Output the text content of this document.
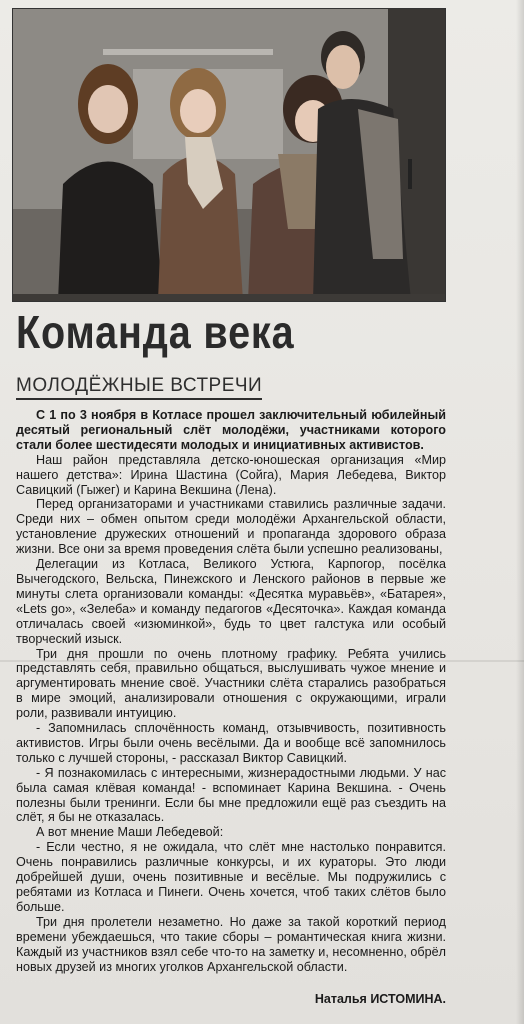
Команда века
МОЛОДЁЖНЫЕ ВСТРЕЧИ

С 1 по 3 ноября в Котласе прошел заключительный юбилейный десятый региональный слёт молодёжи, участниками которого стали более шестидесяти молодых и инициативных активистов.

Наш район представляла детско-юношеская организация «Мир нашего детства»: Ирина Шастина (Сойга), Мария Лебедева, Виктор Савицкий (Гыжег) и Карина Векшина (Лена).

Перед организаторами и участниками ставились различные задачи. Среди них – обмен опытом среди молодёжи Архангельской области, установление дружеских отношений и пропаганда здорового образа жизни. Все они за время проведения слёта были успешно реализованы,

Делегации из Котласа, Великого Устюга, Карпогор, посёлка Вычегодского, Вельска, Пинежского и Ленского районов в первые же минуты слета организовали команды: «Десятка муравьёв», «Батарея», «Lets go», «Зелеба» и команду педагогов «Десяточка». Каждая команда отличалась своей «изюминкой», будь то цвет галстука или особый творческий изыск.

Три дня прошли по очень плотному графику. Ребята учились представлять себя, правильно общаться, выслушивать чужое мнение и аргументировать мнение своё. Участники слёта старались разобраться в мире эмоций, анализировали отношения с окружающими, играли роли, развивали интуицию.

- Запомнилась сплочённость команд, отзывчивость, позитивность активистов. Игры были очень весёлыми. Да и вообще всё запомнилось только с лучшей стороны, - рассказал Виктор Савицкий.

- Я познакомилась с интересными, жизнерадостными людьми. У нас была самая клёвая команда! - вспоминает Карина Векшина. - Очень полезны были тренинги. Если бы мне предложили ещё раз съездить на слёт, я бы не отказалась.

А вот мнение Маши Лебедевой:

- Если честно, я не ожидала, что слёт мне настолько понравится. Очень понравились различные конкурсы, и их кураторы. Это люди добрейшей души, очень позитивные и весёлые. Мы подружились с ребятами из Котласа и Пинеги. Очень хочется, чтоб таких слётов было больше.

Три дня пролетели незаметно. Но даже за такой короткий период времени убеждаешься, что такие сборы – романтическая книга жизни. Каждый из участников взял себе что-то на заметку и, несомненно, обрёл новых друзей из многих уголков Архангельской области.

Наталья ИСТОМИНА.
